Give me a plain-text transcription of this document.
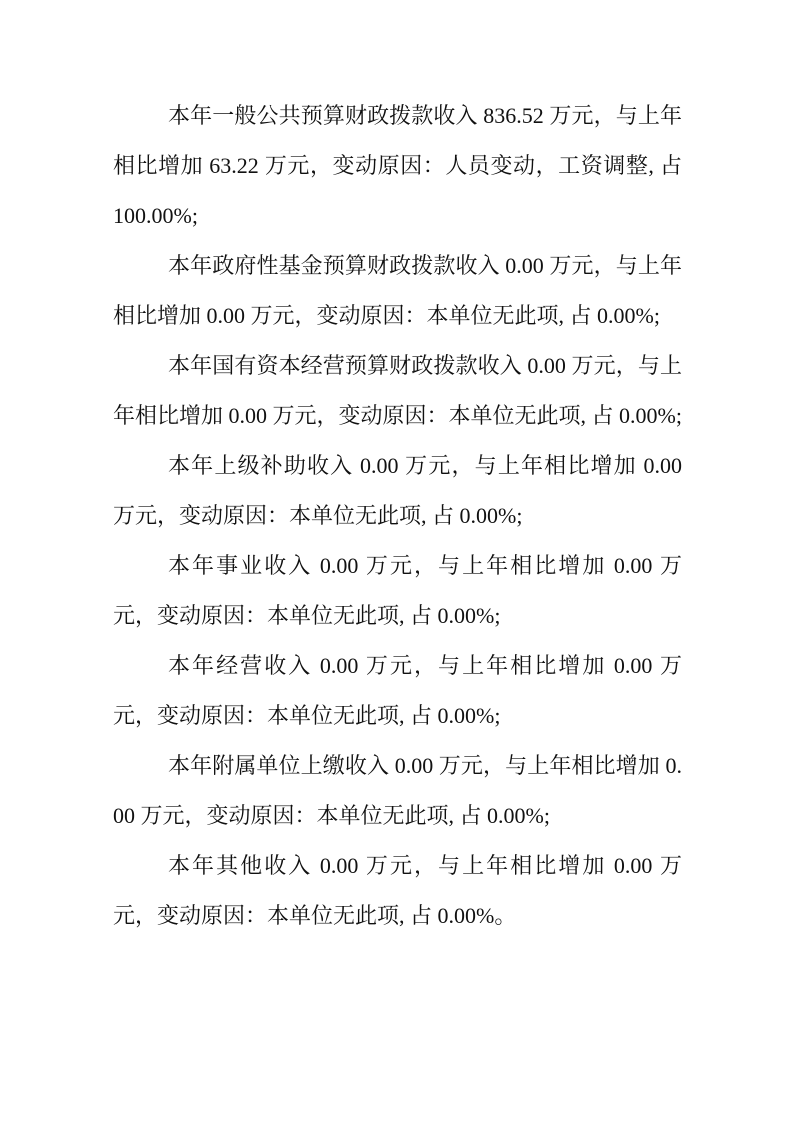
本年一般公共预算财政拨款收入 836.52 万元，与上年相比增加 63.22 万元，变动原因：人员变动，工资调整, 占 100.00%;

本年政府性基金预算财政拨款收入 0.00 万元，与上年相比增加 0.00 万元，变动原因：本单位无此项, 占 0.00%;

本年国有资本经营预算财政拨款收入 0.00 万元，与上年相比增加 0.00 万元，变动原因：本单位无此项, 占 0.00%;

本年上级补助收入 0.00 万元，与上年相比增加 0.00 万元，变动原因：本单位无此项, 占 0.00%;

本年事业收入 0.00 万元，与上年相比增加 0.00 万元，变动原因：本单位无此项, 占 0.00%;

本年经营收入 0.00 万元，与上年相比增加 0.00 万元，变动原因：本单位无此项, 占 0.00%;

本年附属单位上缴收入 0.00 万元，与上年相比增加 0.00 万元，变动原因：本单位无此项, 占 0.00%;

本年其他收入 0.00 万元，与上年相比增加 0.00 万元，变动原因：本单位无此项, 占 0.00%。
